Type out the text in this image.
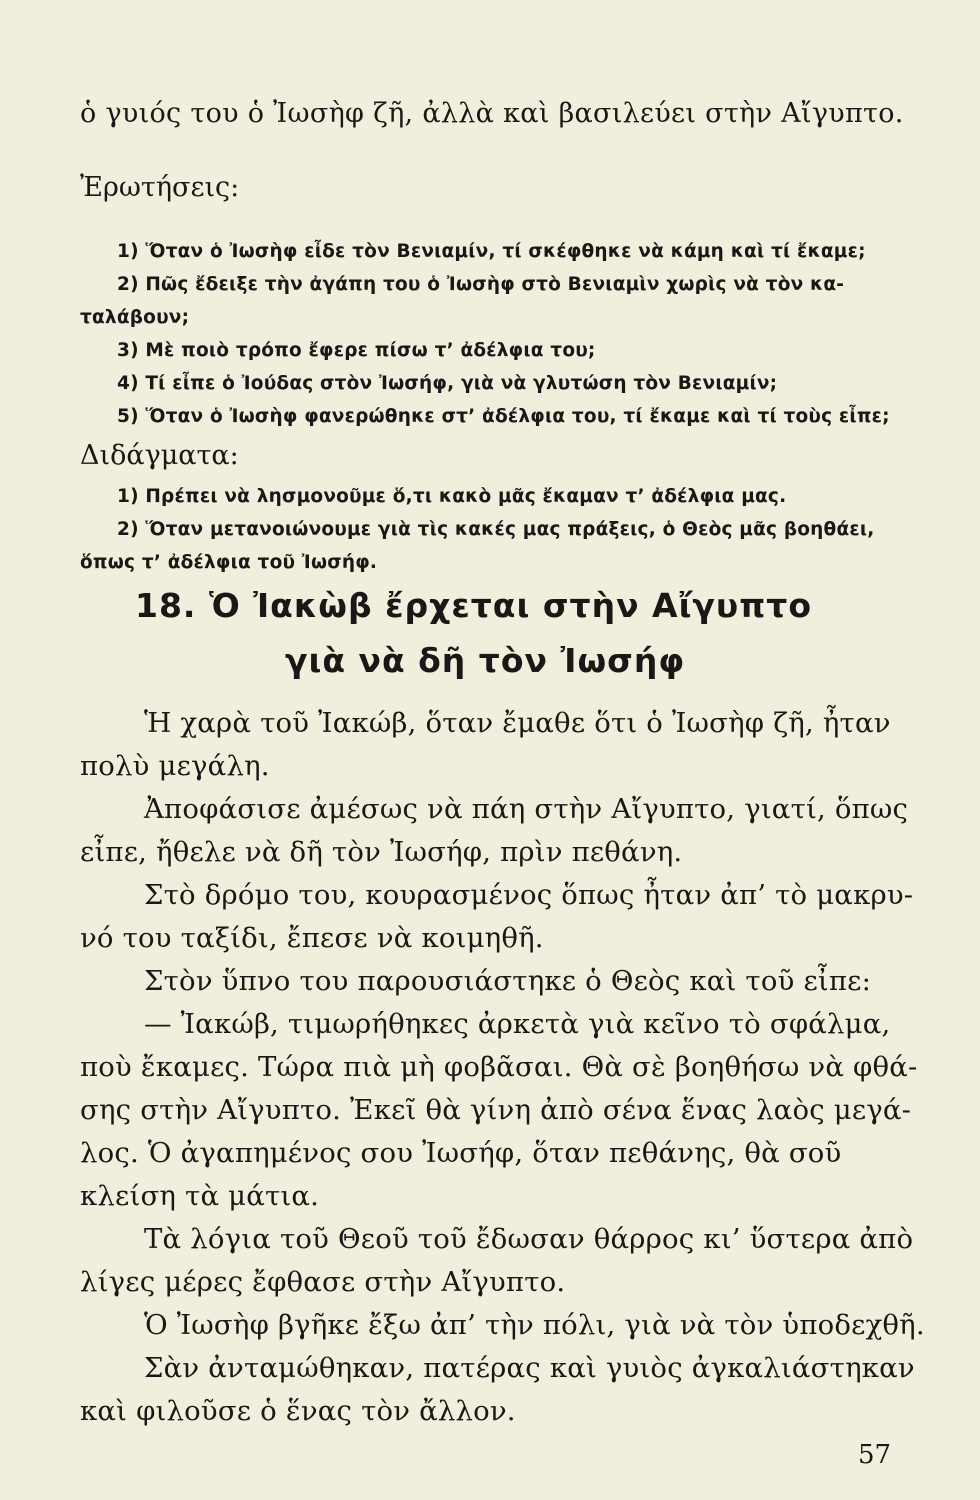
ὁ γυιός του ὁ Ἰωσὴφ ζῆ, ἀλλὰ καὶ βασιλεύει στὴν Αἴγυπτο.
Ἐρωτήσεις:
1) Ὅταν ὁ Ἰωσὴφ εἶδε τὸν Βενιαμίν, τί σκέφθηκε νὰ κάμη καὶ τί ἔκαμε;
2) Πῶς ἔδειξε τὴν ἀγάπη του ὁ Ἰωσὴφ στὸ Βενιαμὶν χωρὶς νὰ τὸν κα-
ταλάβουν;
3) Μὲ ποιὸ τρόπο ἔφερε πίσω τ’ ἀδέλφια του;
4) Τί εἶπε ὁ Ἰούδας στὸν Ἰωσήφ, γιὰ νὰ γλυτώση τὸν Βενιαμίν;
5) Ὅταν ὁ Ἰωσὴφ φανερώθηκε στ’ ἀδέλφια του, τί ἔκαμε καὶ τί τοὺς εἶπε;
Διδάγματα:
1) Πρέπει νὰ λησμονοῦμε ὅ,τι κακὸ μᾶς ἔκαμαν τ’ ἀδέλφια μας.
2) Ὅταν μετανοιώνουμε γιὰ τὶς κακές μας πράξεις, ὁ Θεὸς μᾶς βοηθάει,
ὅπως τ’ ἀδέλφια τοῦ Ἰωσήφ.
18. Ὁ Ἰακὼβ ἔρχεται στὴν Αἴγυπτο
γιὰ νὰ δῆ τὸν Ἰωσήφ
Ἡ χαρὰ τοῦ Ἰακώβ, ὅταν ἔμαθε ὅτι ὁ Ἰωσὴφ ζῆ, ἦταν
πολὺ μεγάλη.
Ἀποφάσισε ἀμέσως νὰ πάη στὴν Αἴγυπτο, γιατί, ὅπως
εἶπε, ἤθελε νὰ δῆ τὸν Ἰωσήφ, πρὶν πεθάνη.
Στὸ δρόμο του, κουρασμένος ὅπως ἦταν ἀπ’ τὸ μακρυ-
νό του ταξίδι, ἔπεσε νὰ κοιμηθῆ.
Στὸν ὕπνο του παρουσιάστηκε ὁ Θεὸς καὶ τοῦ εἶπε:
— Ἰακώβ, τιμωρήθηκες ἀρκετὰ γιὰ κεῖνο τὸ σφάλμα,
ποὺ ἔκαμες. Τώρα πιὰ μὴ φοβᾶσαι. Θὰ σὲ βοηθήσω νὰ φθά-
σης στὴν Αἴγυπτο. Ἐκεῖ θὰ γίνη ἀπὸ σένα ἕνας λαὸς μεγά-
λος. Ὁ ἀγαπημένος σου Ἰωσήφ, ὅταν πεθάνης, θὰ σοῦ
κλείση τὰ μάτια.
Τὰ λόγια τοῦ Θεοῦ τοῦ ἔδωσαν θάρρος κι’ ὕστερα ἀπὸ
λίγες μέρες ἔφθασε στὴν Αἴγυπτο.
Ὁ Ἰωσὴφ βγῆκε ἔξω ἀπ’ τὴν πόλι, γιὰ νὰ τὸν ὑποδεχθῆ.
Σὰν ἀνταμώθηκαν, πατέρας καὶ γυιὸς ἀγκαλιάστηκαν
καὶ φιλοῦσε ὁ ἕνας τὸν ἄλλον.
57
